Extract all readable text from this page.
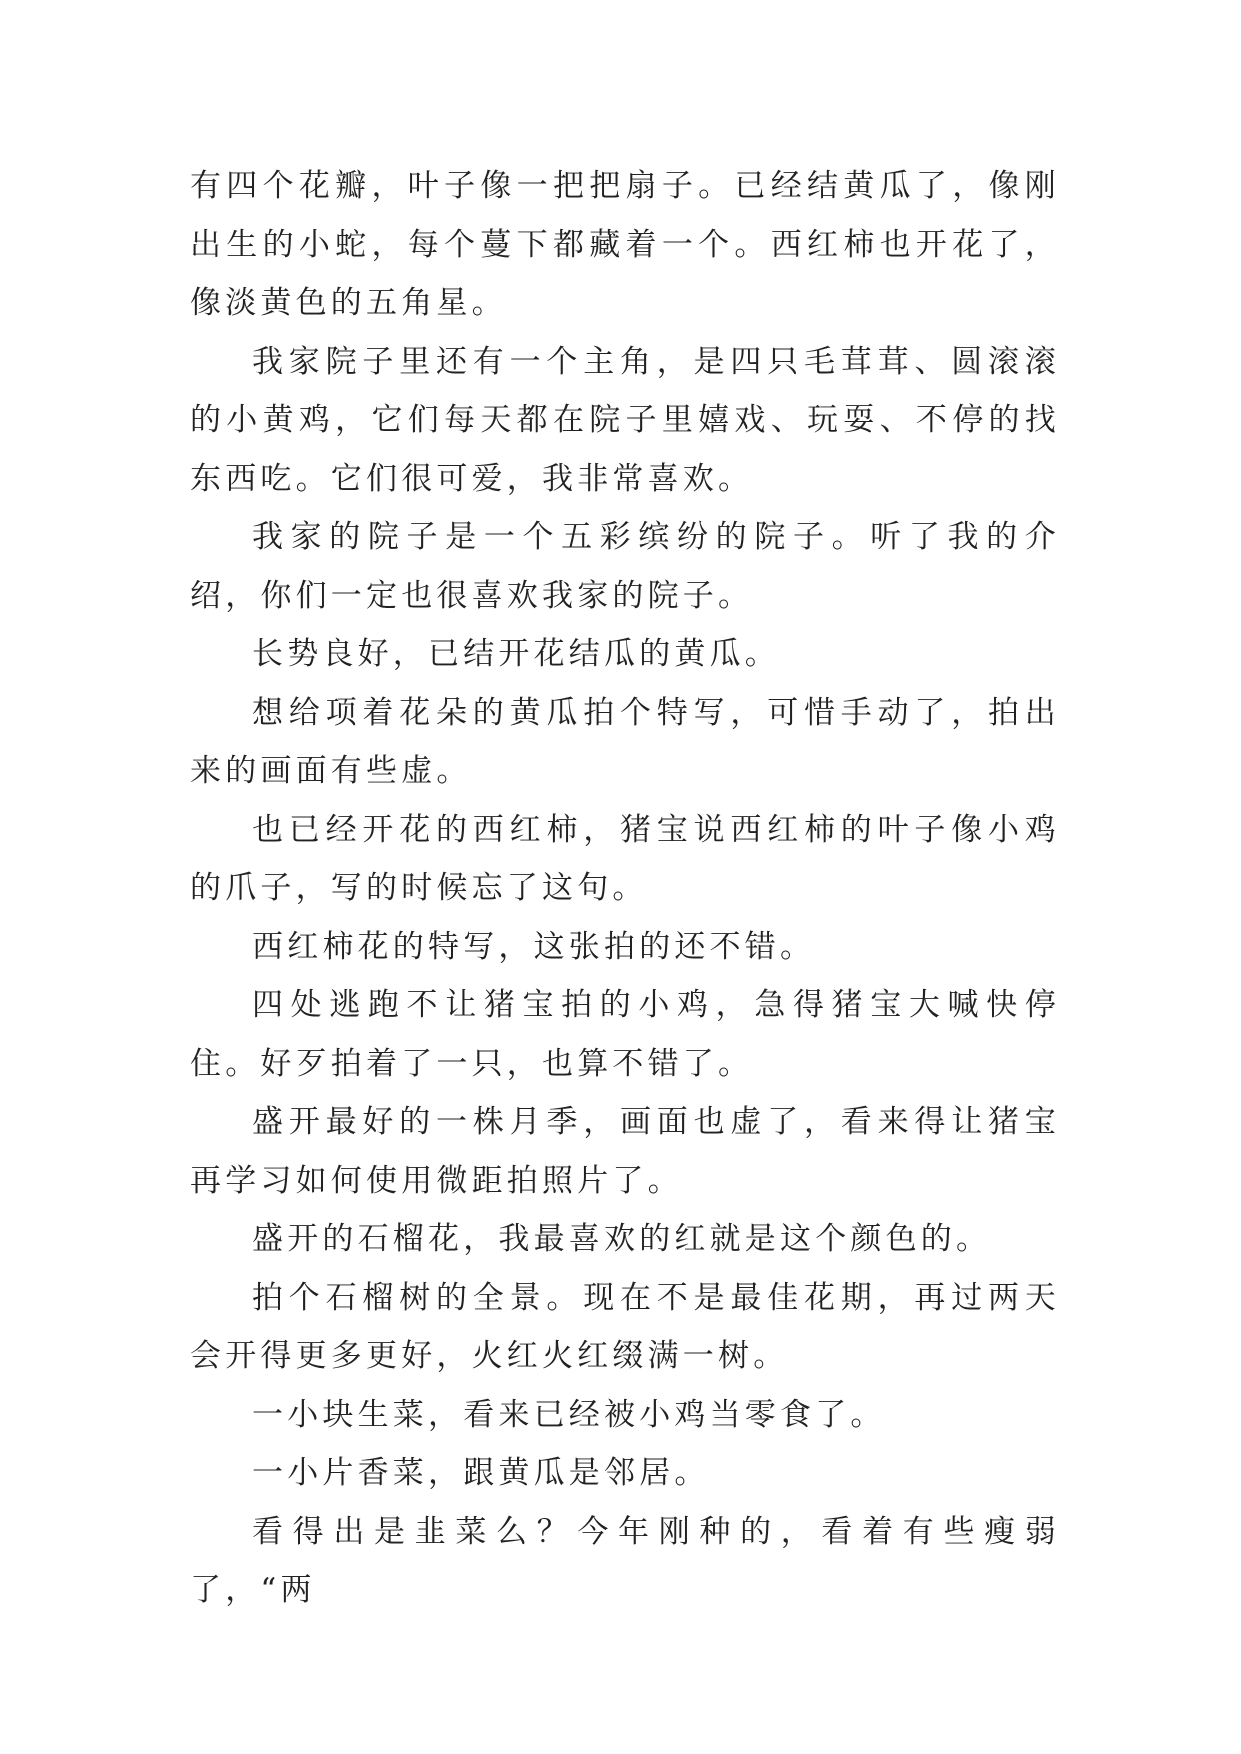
有四个花瓣，叶子像一把把扇子。已经结黄瓜了，像刚出生的小蛇，每个蔓下都藏着一个。西红柿也开花了，像淡黄色的五角星。

我家院子里还有一个主角，是四只毛茸茸、圆滚滚的小黄鸡，它们每天都在院子里嬉戏、玩耍、不停的找东西吃。它们很可爱，我非常喜欢。

我家的院子是一个五彩缤纷的院子。听了我的介绍，你们一定也很喜欢我家的院子。

长势良好，已结开花结瓜的黄瓜。

想给项着花朵的黄瓜拍个特写，可惜手动了，拍出来的画面有些虚。

也已经开花的西红柿，猪宝说西红柿的叶子像小鸡的爪子，写的时候忘了这句。

西红柿花的特写，这张拍的还不错。

四处逃跑不让猪宝拍的小鸡，急得猪宝大喊快停住。好歹拍着了一只，也算不错了。

盛开最好的一株月季，画面也虚了，看来得让猪宝再学习如何使用微距拍照片了。

盛开的石榴花，我最喜欢的红就是这个颜色的。

拍个石榴树的全景。现在不是最佳花期，再过两天会开得更多更好，火红火红缀满一树。

一小块生菜，看来已经被小鸡当零食了。

一小片香菜，跟黄瓜是邻居。

看得出是韭菜么？今年刚种的，看着有些瘦弱了，“两
